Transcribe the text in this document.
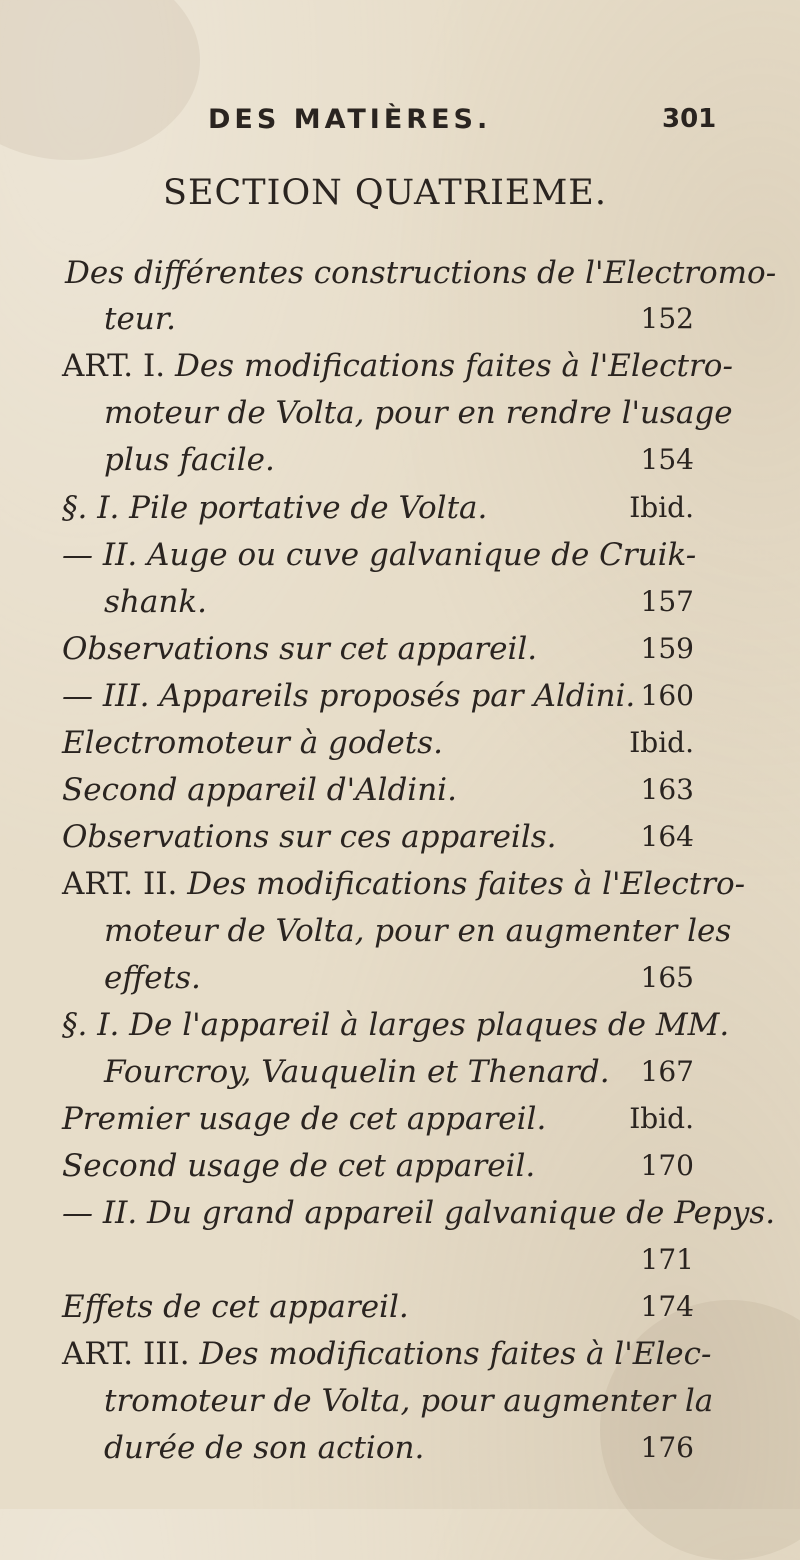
DES MATIÈRES.	301
SECTION QUATRIEME.
Des différentes constructions de l'Electromo-
teur.	152
ART. I. Des modifications faites à l'Electro-
moteur de Volta, pour en rendre l'usage
plus facile.	154
§. I. Pile portative de Volta.	Ibid.
— II. Auge ou cuve galvanique de Cruik-
shank.	157
Observations sur cet appareil.	159
— III. Appareils proposés par Aldini. 160
Electromoteur à godets.	Ibid.
Second appareil d'Aldini.	163
Observations sur ces appareils.	164
ART. II. Des modifications faites à l'Electro-
moteur de Volta, pour en augmenter les
effets.	165
§. I. De l'appareil à larges plaques de MM.
Fourcroy, Vauquelin et Thenard. 167
Premier usage de cet appareil.	Ibid.
Second usage de cet appareil.	170
— II. Du grand appareil galvanique de Pepys.
171
Effets de cet appareil.	174
ART. III. Des modifications faites à l'Elec-
tromoteur de Volta, pour augmenter la
durée de son action.	176
